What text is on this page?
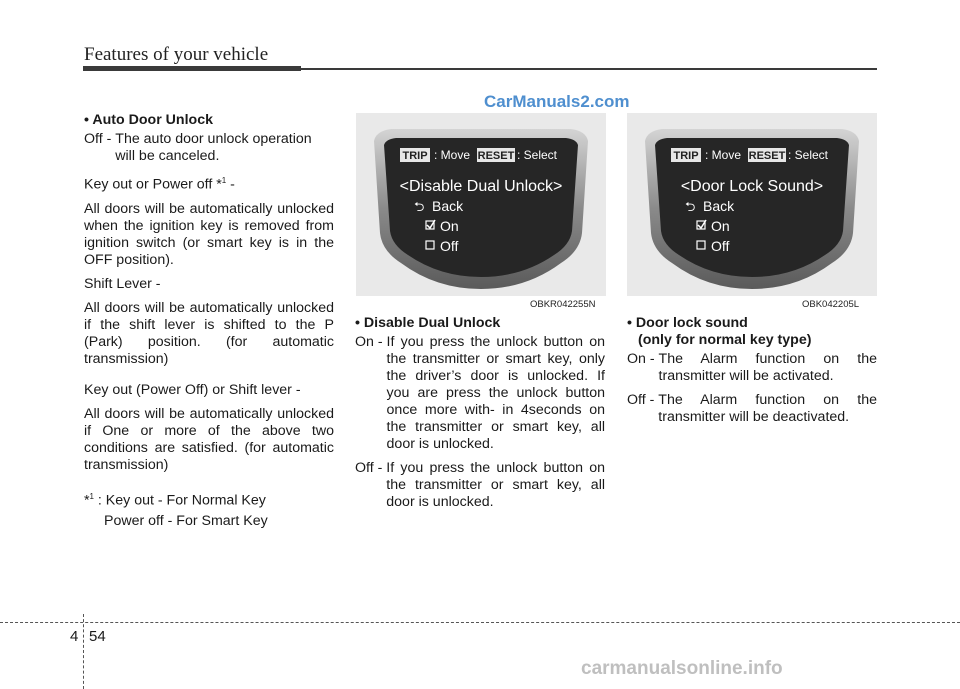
Features of your vehicle
CarManuals2.com
• Auto Door Unlock
Off - The auto door unlock operation will be canceled.

Key out or Power off *$^1$ -

All doors will be automatically unlocked when the ignition key is removed from ignition switch (or smart key is in the OFF position).

Shift Lever -

All doors will be automatically unlocked if the shift lever is shifted to the P (Park) position. (for automatic transmission)

Key out (Power Off) or Shift lever -

All doors will be automatically unlocked if One or more of the above two conditions are satisfied. (for automatic transmission)

*$^1$ : Key out - For Normal Key

Power off - For Smart Key

TRIP : Move RESET : Select
<Disable Dual Unlock>
⮌ Back
On
Off
OBKR042255N
TRIP : Move RESET : Select
<Door Lock Sound>
⮌ Back
On
Off
OBK042205L
• Disable Dual Unlock
On - If you press the unlock button on the transmitter or smart key, only the driver’s door is unlocked. If you are press the unlock button once more with- in 4seconds on the transmitter or smart key, all door is unlocked.
Off - If you press the unlock button on the transmitter or smart key, all door is unlocked.
• Door lock sound
(only for normal key type)
On - The Alarm function on the transmitter will be activated.
Off - The Alarm function on the transmitter will be deactivated.
4 54
carmanualsonline.info
